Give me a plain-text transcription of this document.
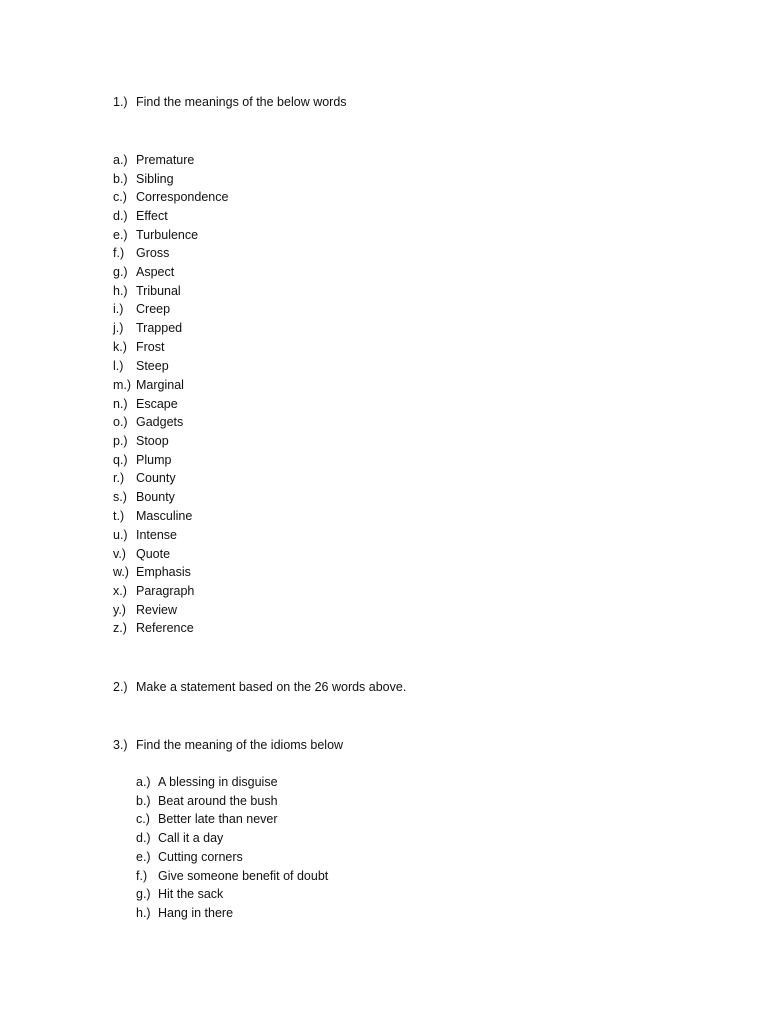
1.) Find the meanings of the below words
a.) Premature
b.) Sibling
c.) Correspondence
d.) Effect
e.) Turbulence
f.) Gross
g.) Aspect
h.) Tribunal
i.) Creep
j.) Trapped
k.) Frost
l.) Steep
m.) Marginal
n.) Escape
o.) Gadgets
p.) Stoop
q.) Plump
r.) County
s.) Bounty
t.) Masculine
u.) Intense
v.) Quote
w.) Emphasis
x.) Paragraph
y.) Review
z.) Reference
2.) Make a statement based on the 26 words above.
3.) Find the meaning of the idioms below
a.) A blessing in disguise
b.) Beat around the bush
c.) Better late than never
d.) Call it a day
e.) Cutting corners
f.) Give someone benefit of doubt
g.) Hit the sack
h.) Hang in there
